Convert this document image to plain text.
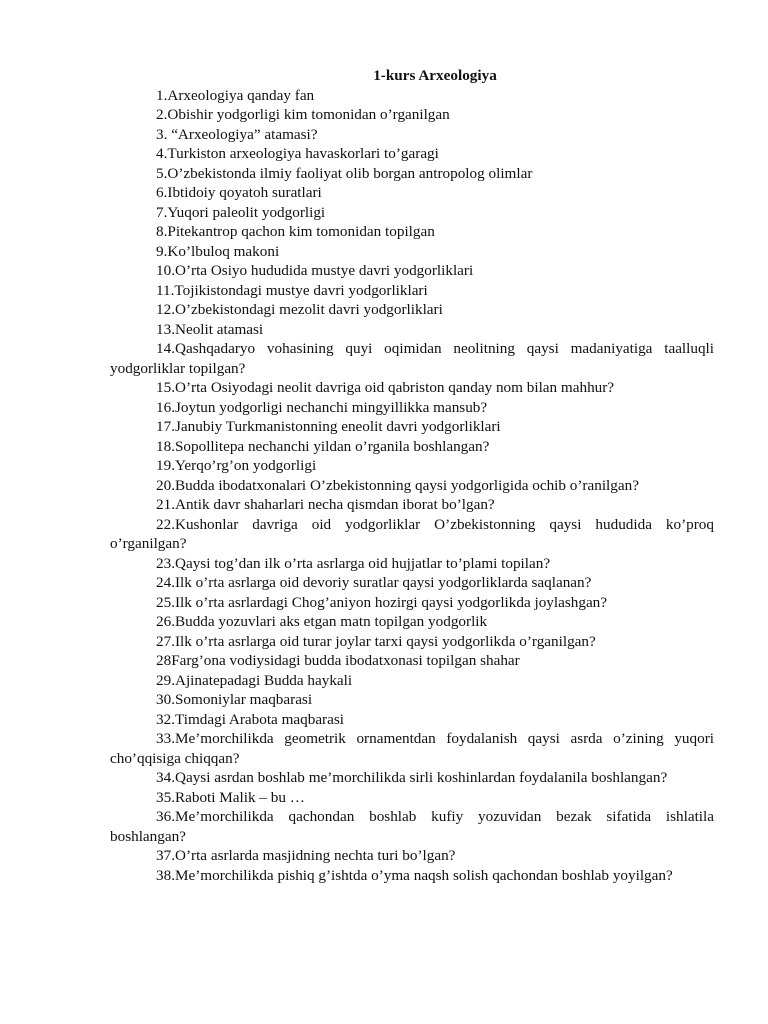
1-kurs Arxeologiya

1.Arxeologiya qanday fan

2.Obishir yodgorligi kim tomonidan o’rganilgan

3. “Arxeologiya” atamasi?

4.Turkiston arxeologiya havaskorlari to’garagi

5.O’zbekistonda ilmiy faoliyat olib borgan antropolog olimlar

6.Ibtidoiy qoyatoh suratlari

7.Yuqori paleolit yodgorligi

8.Pitekantrop qachon kim tomonidan topilgan

9.Ko’lbuloq makoni

10.O’rta Osiyo hududida mustye davri yodgorliklari

11.Tojikistondagi mustye davri yodgorliklari

12.O’zbekistondagi mezolit davri yodgorliklari

13.Neolit atamasi

14.Qashqadaryo vohasining quyi oqimidan neolitning qaysi madaniyatiga taalluqli yodgorliklar topilgan?

15.O’rta Osiyodagi neolit davriga oid qabriston qanday nom bilan mahhur?

16.Joytun yodgorligi nechanchi mingyillikka mansub?

17.Janubiy Turkmanistonning eneolit davri yodgorliklari

18.Sopollitepa nechanchi yildan o’rganila boshlangan?

19.Yerqo’rg’on yodgorligi

20.Budda ibodatxonalari O’zbekistonning qaysi yodgorligida ochib o’ranilgan?

21.Antik davr shaharlari necha qismdan iborat bo’lgan?

22.Kushonlar davriga oid yodgorliklar O’zbekistonning qaysi hududida ko’proq o’rganilgan?

23.Qaysi tog’dan ilk o’rta asrlarga oid hujjatlar to’plami topilan?

24.Ilk o’rta asrlarga oid devoriy suratlar qaysi yodgorliklarda saqlanan?

25.Ilk o’rta asrlardagi Chog’aniyon hozirgi qaysi yodgorlikda joylashgan?

26.Budda yozuvlari aks etgan matn topilgan yodgorlik

27.Ilk o’rta asrlarga oid turar joylar tarxi qaysi yodgorlikda o’rganilgan?

28Farg’ona vodiysidagi budda ibodatxonasi topilgan shahar

29.Ajinatepadagi Budda haykali

30.Somoniylar maqbarasi

32.Timdagi Arabota maqbarasi

33.Me’morchilikda geometrik ornamentdan foydalanish qaysi asrda o’zining yuqori cho’qqisiga chiqqan?

34.Qaysi asrdan boshlab me’morchilikda sirli koshinlardan foydalanila boshlangan?

35.Raboti Malik – bu …

36.Me’morchilikda qachondan boshlab kufiy yozuvidan bezak sifatida ishlatila boshlangan?

37.O’rta asrlarda masjidning nechta turi bo’lgan?

38.Me’morchilikda pishiq g’ishtda o’yma naqsh solish qachondan boshlab yoyilgan?
